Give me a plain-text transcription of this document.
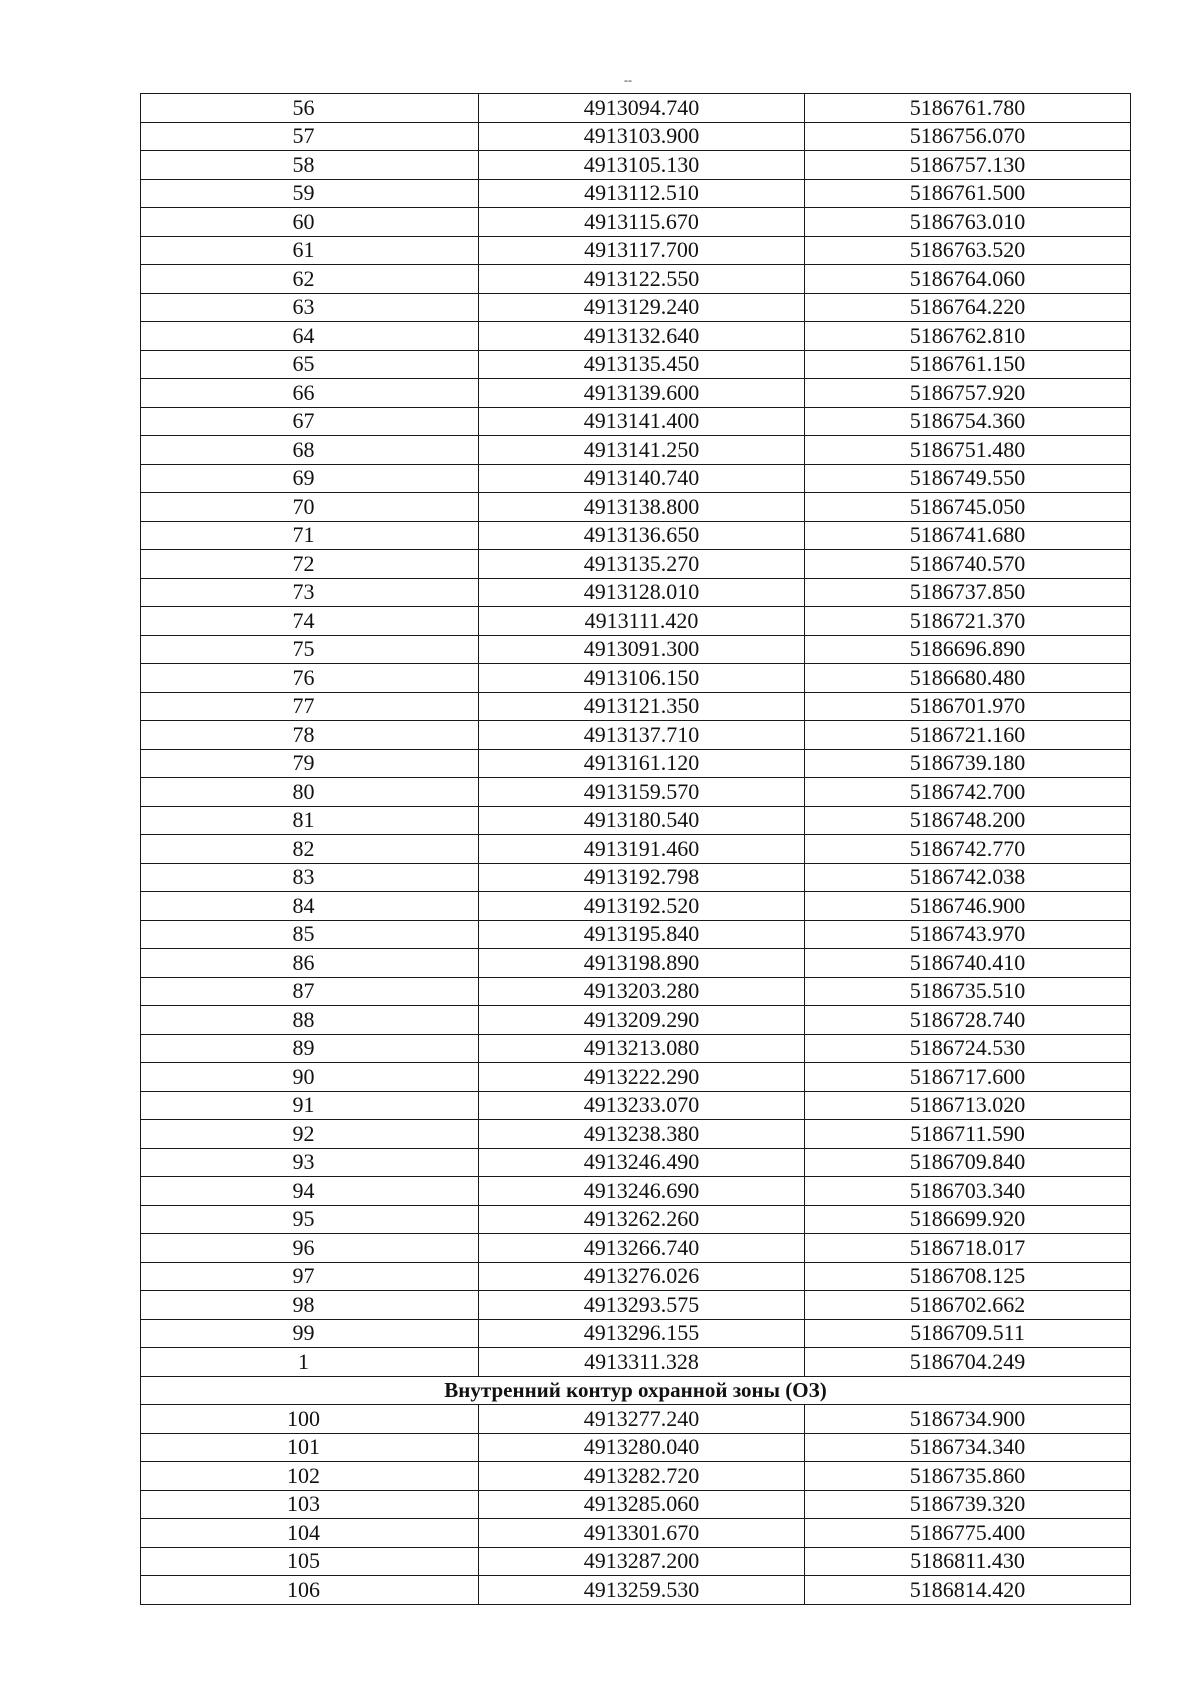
--
56	4913094.740	5186761.780
57	4913103.900	5186756.070
58	4913105.130	5186757.130
59	4913112.510	5186761.500
60	4913115.670	5186763.010
61	4913117.700	5186763.520
62	4913122.550	5186764.060
63	4913129.240	5186764.220
64	4913132.640	5186762.810
65	4913135.450	5186761.150
66	4913139.600	5186757.920
67	4913141.400	5186754.360
68	4913141.250	5186751.480
69	4913140.740	5186749.550
70	4913138.800	5186745.050
71	4913136.650	5186741.680
72	4913135.270	5186740.570
73	4913128.010	5186737.850
74	4913111.420	5186721.370
75	4913091.300	5186696.890
76	4913106.150	5186680.480
77	4913121.350	5186701.970
78	4913137.710	5186721.160
79	4913161.120	5186739.180
80	4913159.570	5186742.700
81	4913180.540	5186748.200
82	4913191.460	5186742.770
83	4913192.798	5186742.038
84	4913192.520	5186746.900
85	4913195.840	5186743.970
86	4913198.890	5186740.410
87	4913203.280	5186735.510
88	4913209.290	5186728.740
89	4913213.080	5186724.530
90	4913222.290	5186717.600
91	4913233.070	5186713.020
92	4913238.380	5186711.590
93	4913246.490	5186709.840
94	4913246.690	5186703.340
95	4913262.260	5186699.920
96	4913266.740	5186718.017
97	4913276.026	5186708.125
98	4913293.575	5186702.662
99	4913296.155	5186709.511
1	4913311.328	5186704.249
Внутренний контур охранной зоны (ОЗ)		
100	4913277.240	5186734.900
101	4913280.040	5186734.340
102	4913282.720	5186735.860
103	4913285.060	5186739.320
104	4913301.670	5186775.400
105	4913287.200	5186811.430
106	4913259.530	5186814.420
